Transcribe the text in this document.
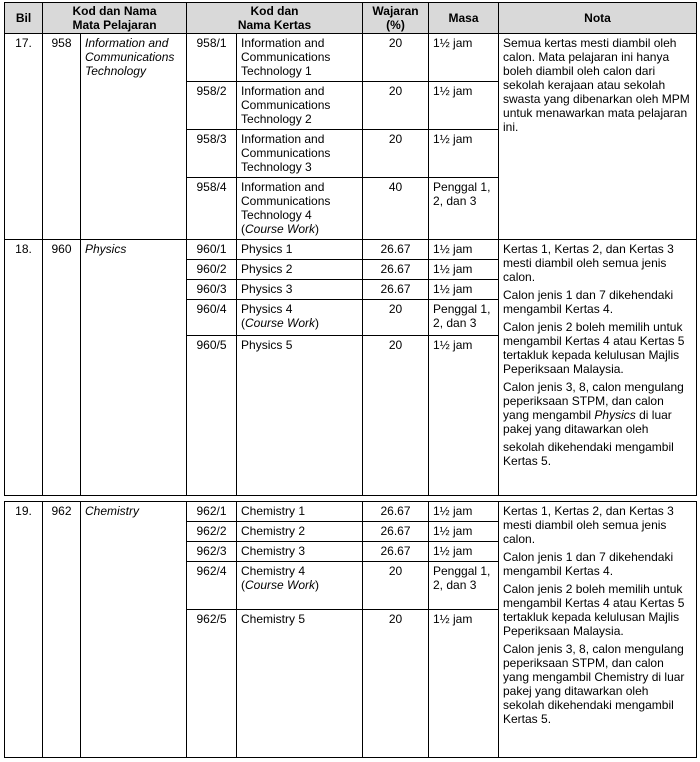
Bil	Kod dan Nama
Mata Pelajaran		Kod dan
Nama Kertas		Wajaran
(%)	Masa	Nota
17.	958	Information and Communications Technology	958/1	Information and Communications Technology 1	20	1½ jam	Semua kertas mesti diambil oleh calon. Mata pelajaran ini hanya boleh diambil oleh calon dari sekolah kerajaan atau sekolah swasta yang dibenarkan oleh MPM untuk menawarkan mata pelajaran ini.

			958/2	Information and Communications Technology 2	20	1½ jam	
			958/3	Information and Communications Technology 3	20	1½ jam	
			958/4	Information and Communications Technology 4
(Course Work)	40	Penggal 1, 2, dan 3	
18.	960	Physics	960/1	Physics 1	26.67	1½ jam	Kertas 1, Kertas 2, dan Kertas 3 mesti diambil oleh semua jenis calon.

Calon jenis 1 dan 7 dikehendaki mengambil Kertas 4.

Calon jenis 2 boleh memilih untuk mengambil Kertas 4 atau Kertas 5 tertakluk kepada kelulusan Majlis Peperiksaan Malaysia.

Calon jenis 3, 8, calon mengulang peperiksaan STPM, dan calon yang mengambil Physics di luar pakej yang ditawarkan oleh

sekolah dikehendaki mengambil Kertas 5.

			960/2	Physics 2	26.67	1½ jam	
			960/3	Physics 3	26.67	1½ jam	
			960/4	Physics 4
(Course Work)	20	Penggal 1, 2, dan 3	
			960/5	Physics 5	20	1½ jam	
19.	962	Chemistry	962/1	Chemistry 1	26.67	1½ jam	Kertas 1, Kertas 2, dan Kertas 3 mesti diambil oleh semua jenis calon.

Calon jenis 1 dan 7 dikehendaki mengambil Kertas 4.

Calon jenis 2 boleh memilih untuk mengambil Kertas 4 atau Kertas 5 tertakluk kepada kelulusan Majlis Peperiksaan Malaysia.

Calon jenis 3, 8, calon mengulang peperiksaan STPM, dan calon yang mengambil Chemistry di luar pakej yang ditawarkan oleh sekolah dikehendaki mengambil Kertas 5.

			962/2	Chemistry 2	26.67	1½ jam	
			962/3	Chemistry 3	26.67	1½ jam	
			962/4	Chemistry 4
(Course Work)	20	Penggal 1, 2, dan 3	
			962/5	Chemistry 5	20	1½ jam	
